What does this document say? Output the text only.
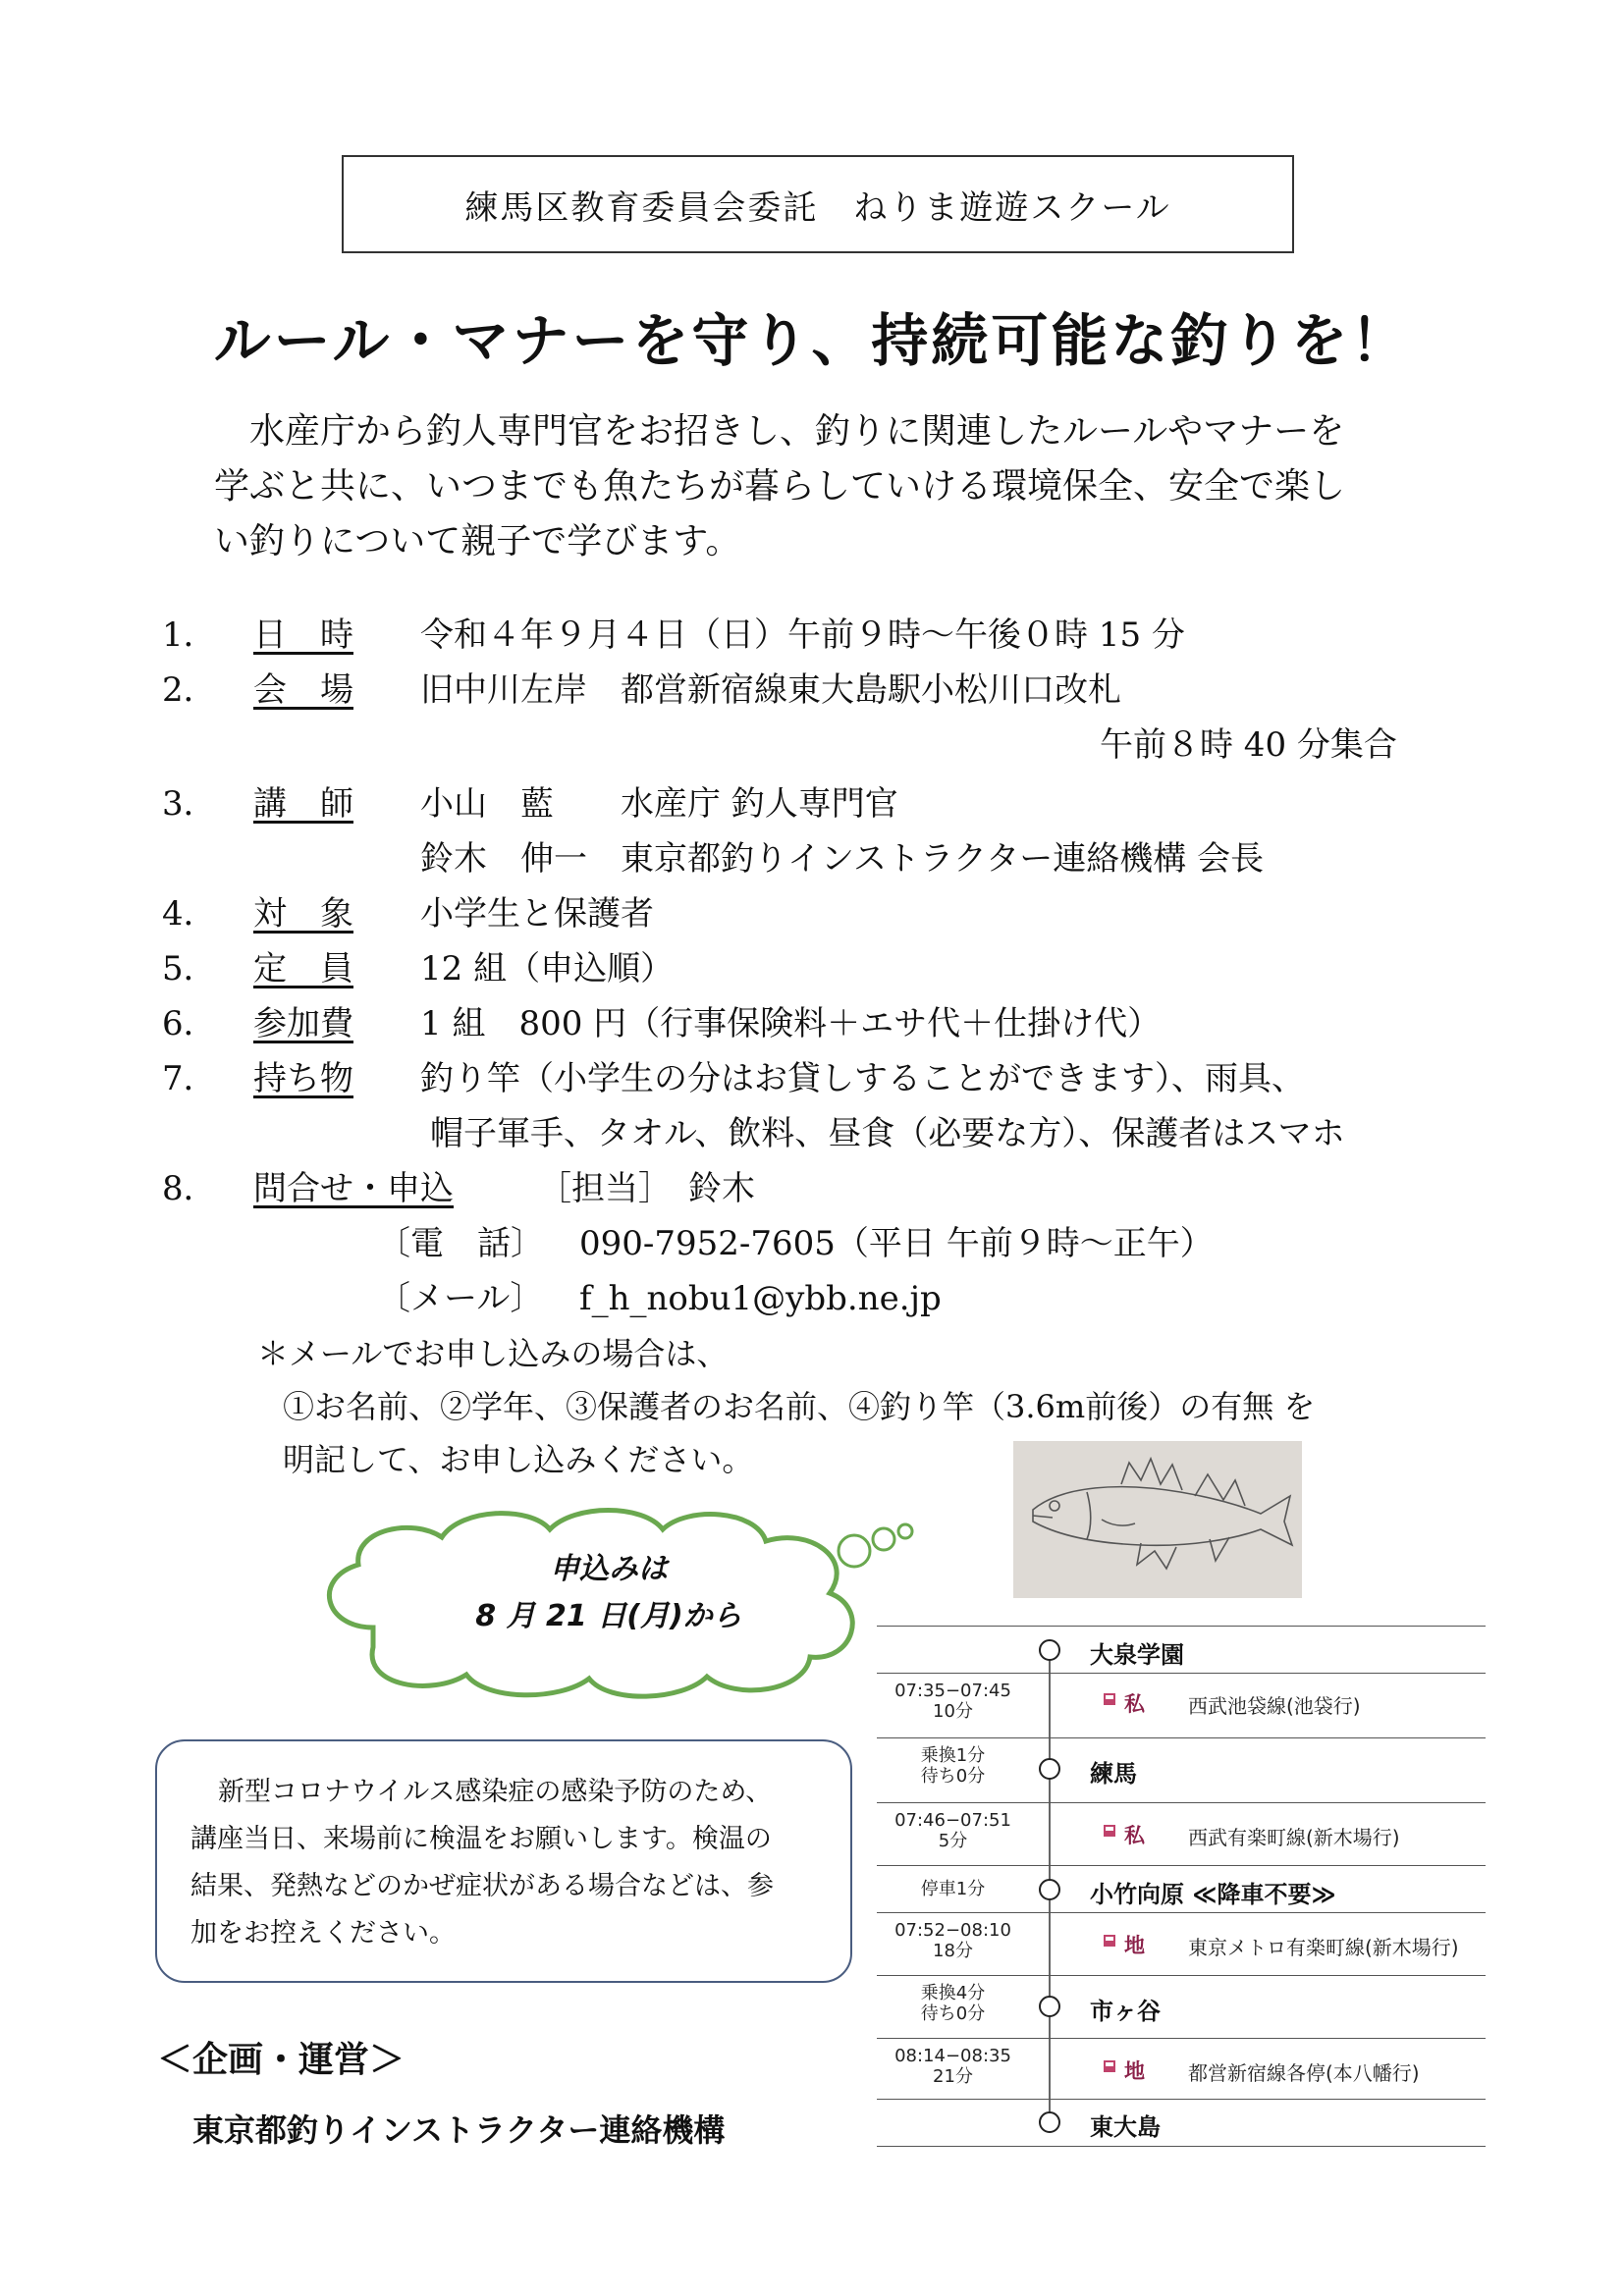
練馬区教育委員会委託　ねりま遊遊スクール
ルール・マナーを守り、持続可能な釣りを！

水産庁から釣人専門官をお招きし、釣りに関連したルールやマナーを

学ぶと共に、いつまでも魚たちが暮らしていける環境保全、安全で楽し

い釣りについて親子で学びます。

1． 日　時 令和４年９月４日（日）午前９時〜午後０時 15 分
2． 会　場 旧中川左岸　都営新宿線東大島駅小松川口改札
午前８時 40 分集合
3． 講　師 小山　藍　　水産庁 釣人専門官
鈴木　伸一　東京都釣りインストラクター連絡機構 会長
4． 対　象 小学生と保護者
5． 定　員 12 組（申込順）
6． 参加費 1 組　800 円（行事保険料＋エサ代＋仕掛け代）
7． 持ち物 釣り竿（小学生の分はお貸しすることができます）、雨具、
帽子軍手、タオル、飲料、昼食（必要な方）、保護者はスマホ
8． 問合せ・申込	［担当］　鈴木
〔電　話〕 090-7952-7605（平日 午前９時〜正午）
〔メール〕 f_h_nobu1@ybb.ne.jp
＊メールでお申し込みの場合は、
①お名前、②学年、③保護者のお名前、④釣り竿（3.6m前後）の有無 を
明記して、お申し込みください。
申込みは
8 月 21 日(月)から

新型コロナウイルス感染症の感染予防のため、

講座当日、来場前に検温をお願いします。検温の

結果、発熱などのかぜ症状がある場合などは、参

加をお控えください。

＜企画・運営＞
東京都釣りインストラクター連絡機構
大泉学園
07:35−07:45
10分	私 西武池袋線(池袋行)
乗換1分
待ち0分	練馬
07:46−07:51
5分	私 西武有楽町線(新木場行)
停車1分	小竹向原 ≪降車不要≫
07:52−08:10
18分	地 東京メトロ有楽町線(新木場行)
乗換4分
待ち0分	市ヶ谷
08:14−08:35
21分	地 都営新宿線各停(本八幡行)
東大島
